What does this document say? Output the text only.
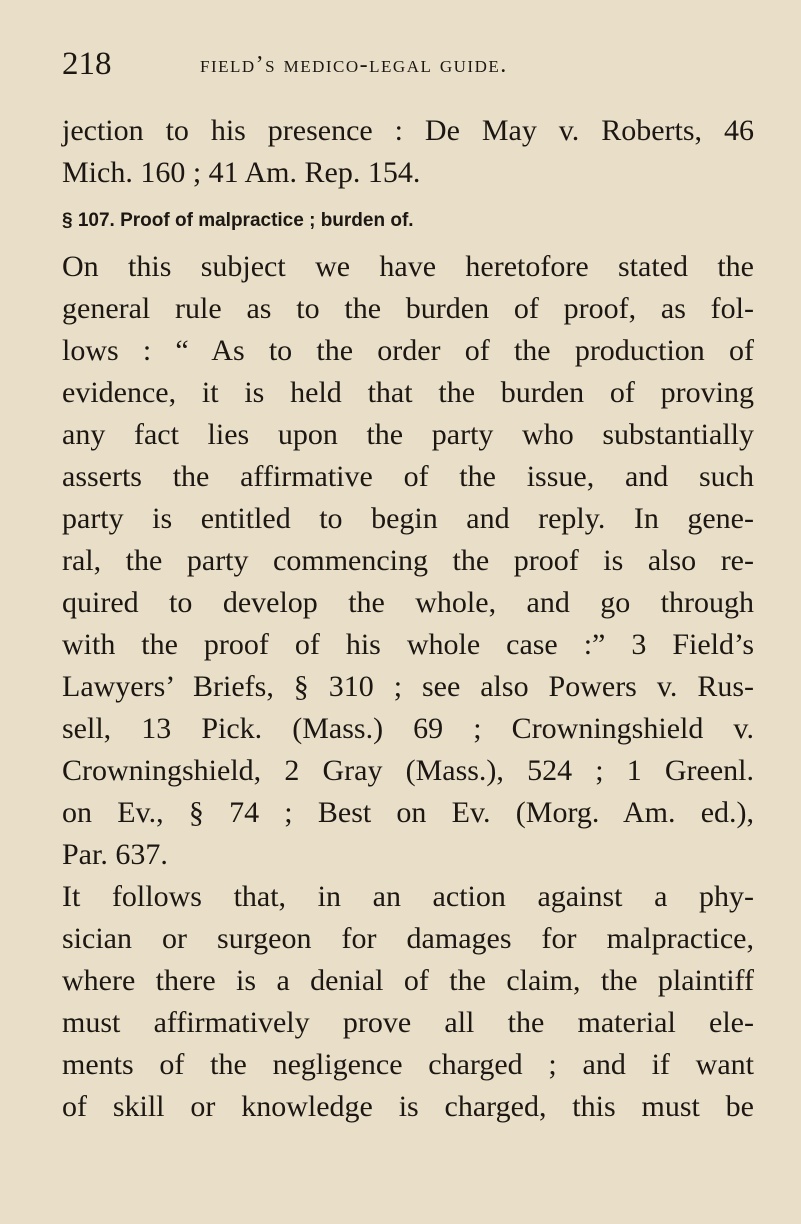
218	field’s medico-legal guide.
jection to his presence : De May v. Roberts, 46
Mich. 160 ; 41 Am. Rep. 154.
§ 107. Proof of malpractice ; burden of.
On this subject we have heretofore stated the
general rule as to the burden of proof, as fol-
lows : “ As to the order of the production of
evidence, it is held that the burden of proving
any fact lies upon the party who substantially
asserts the affirmative of the issue, and such
party is entitled to begin and reply. In gene-
ral, the party commencing the proof is also re-
quired to develop the whole, and go through
with the proof of his whole case :” 3 Field’s
Lawyers’ Briefs, § 310 ; see also Powers v. Rus-
sell, 13 Pick. (Mass.) 69 ; Crowningshield v.
Crowningshield, 2 Gray (Mass.), 524 ; 1 Greenl.
on Ev., § 74 ; Best on Ev. (Morg. Am. ed.),
Par. 637.
It follows that, in an action against a phy-
sician or surgeon for damages for malpractice,
where there is a denial of the claim, the plaintiff
must affirmatively prove all the material ele-
ments of the negligence charged ; and if want
of skill or knowledge is charged, this must be
